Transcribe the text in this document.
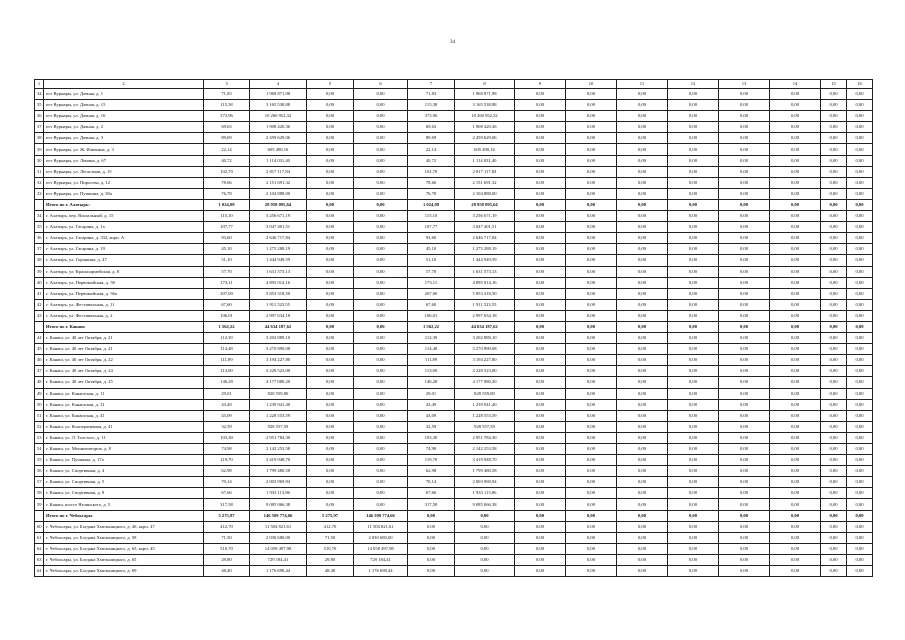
34
1	2	3	4	5	6	7	8	9	10	11	12	13	14	15	16
34	пгт Вурнары, ул. Дачная, д. 1	71,83	1 968 871,98	0,00	0,00	71,83	1 968 871,98	0,00	0,00	0,00	0,00	0,00	0,00	0,00	0,00
35	пгт Вурнары, ул. Дачная, д. 15	115,38	3 165 538,88	0,00	0,00	115,38	3 165 538,88	0,00	0,00	0,00	0,00	0,00	0,00	0,00	0,00
36	пгт Вурнары, ул. Дачная, д. 16	373,96	10 260 952,32	0,00	0,00	373,96	10 260 952,32	0,00	0,00	0,00	0,00	0,00	0,00	0,00	0,00
37	пгт Вурнары, ул. Дачная, д. 2	69,63	1 908 420,36	0,00	0,00	69,63	1 908 420,36	0,00	0,00	0,00	0,00	0,00	0,00	0,00	0,00
38	пгт Вурнары, ул. Дачная, д. 3	89,69	2 459 629,06	0,00	0,00	89,69	2 459 629,06	0,00	0,00	0,00	0,00	0,00	0,00	0,00	0,00
39	пгт Вурнары, ул. Ж. Илюкина, д. 3	22,14	605 490,16	0,00	0,00	22,14	605 490,16	0,00	0,00	0,00	0,00	0,00	0,00	0,00	0,00
30	пгт Вурнары, ул. Ленина, д. 67	40,72	1 114 031,40	0,00	0,00	40,72	1 114 031,40	0,00	0,00	0,00	0,00	0,00	0,00	0,00	0,00
31	пгт Вурнары, ул. Лесхозная, д. 15	102,70	2 817 117,84	0,00	0,00	102,70	2 817 117,84	0,00	0,00	0,00	0,00	0,00	0,00	0,00	0,00
32	пгт Вурнары, ул. Пирогова, д. 12	78,66	2 151 691,32	0,00	0,00	78,66	2 151 691,32	0,00	0,00	0,00	0,00	0,00	0,00	0,00	0,00
33	пгт Вурнары, ул. Пушкина, д. 30а	76,78	2 104 888,00	0,00	0,00	76,78	2 104 888,00	0,00	0,00	0,00	0,00	0,00	0,00	0,00	0,00
	Итого по г. Алатырь:	1 024,09	28 958 095,64	0,00	0,00	1 024,09	28 958 095,64	0,00	0,00	0,00	0,00	0,00	0,00	0,00	0,00
34	г. Алатырь, пер. Вокзальный, д. 15	115,10	3 256 671,19	0,00	0,00	115,10	3 256 671,19	0,00	0,00	0,00	0,00	0,00	0,00	0,00	0,00
35	г. Алатырь, ул. Гагарина, д. 1а	107,77	3 047 401,51	0,00	0,00	107,77	3 047 401,51	0,00	0,00	0,00	0,00	0,00	0,00	0,00	0,00
36	г. Алатырь, ул. Гагарина, д. 332, корп. А	93,60	2 646 717,84	0,00	0,00	93,60	2 646 717,84	0,00	0,00	0,00	0,00	0,00	0,00	0,00	0,00
37	г. Алатырь, ул. Гагарина, д. 19	45,10	1 275 288,19	0,00	0,00	45,10	1 275 288,19	0,00	0,00	0,00	0,00	0,00	0,00	0,00	0,00
38	г. Алатырь, ул. Горшкина, д. 47	51,10	1 444 949,59	0,00	0,00	51,10	1 444 949,59	0,00	0,00	0,00	0,00	0,00	0,00	0,00	0,00
39	г. Алатырь, ул. Красноармейская, д. 8	57,70	1 631 573,13	0,00	0,00	57,70	1 631 573,13	0,00	0,00	0,00	0,00	0,00	0,00	0,00	0,00
40	г. Алатырь, ул. Первомайская, д. 50	173,11	4 895 014,16	0,00	0,00	173,11	4 895 014,16	0,00	0,00	0,00	0,00	0,00	0,00	0,00	0,00
41	г. Алатырь, ул. Первомайская, д. 56а	207,00	5 853 318,50	0,00	0,00	207,00	5 853 318,50	0,00	0,00	0,00	0,00	0,00	0,00	0,00	0,00
42	г. Алатырь, ул. Фестивальная, д. 11	67,60	1 911 523,55	0,00	0,00	67,60	1 911 523,55	0,00	0,00	0,00	0,00	0,00	0,00	0,00	0,00
43	г. Алатырь, ул. Фестивальная, д. 2	106,01	2 997 634,18	0,00	0,00	106,01	2 997 634,18	0,00	0,00	0,00	0,00	0,00	0,00	0,00	0,00
	Итого по г. Канаш:	1 562,22	44 634 187,62	0,00	0,00	1 562,22	44 634 187,62	0,00	0,00	0,00	0,00	0,00	0,00	0,00	0,00
44	г. Канаш, ул. 40 лет Октября, д. 21	112,39	3 202 889,10	0,00	0,00	112,39	3 202 889,10	0,00	0,00	0,00	0,00	0,00	0,00	0,00	0,00
45	г. Канаш, ул. 40 лет Октября, д. 21	114,48	3 270 890,08	0,00	0,00	114,48	3 270 890,08	0,00	0,00	0,00	0,00	0,00	0,00	0,00	0,00
46	г. Канаш, ул. 40 лет Октября, д. 22	111,89	3 194 227,80	0,00	0,00	111,89	3 194 227,80	0,00	0,00	0,00	0,00	0,00	0,00	0,00	0,00
47	г. Канаш, ул. 40 лет Октября, д. 24	113,00	3 228 523,00	0,00	0,00	113,00	3 228 523,00	0,00	0,00	0,00	0,00	0,00	0,00	0,00	0,00
48	г. Канаш, ул. 40 лет Октября, д. 25	146,28	4 177 080,20	0,00	0,00	146,28	4 177 080,20	0,00	0,00	0,00	0,00	0,00	0,00	0,00	0,00
49	г. Канаш, ул. Канашская, д. 11	29,01	828 559,80	0,00	0,00	29,01	828 559,80	0,00	0,00	0,00	0,00	0,00	0,00	0,00	0,00
50	г. Канаш, ул. Канашская, д. 31	43,49	1 239 941,40	0,00	0,00	43,49	1 239 941,40	0,00	0,00	0,00	0,00	0,00	0,00	0,00	0,00
51	г. Канаш, ул. Канашская, д. 41	43,09	1 228 553,59	0,00	0,00	43,09	1 228 553,59	0,00	0,00	0,00	0,00	0,00	0,00	0,00	0,00
52	г. Канаш, ул. Кооперативная, д. 41	32,59	928 557,59	0,00	0,00	32,59	928 557,59	0,00	0,00	0,00	0,00	0,00	0,00	0,00	0,00
53	г. Канаш, ул. Л. Толстого, д. 11	103,30	2 951 784,30	0,00	0,00	103,30	2 951 784,30	0,00	0,00	0,00	0,00	0,00	0,00	0,00	0,00
54	г. Канаш, ул. Механизаторов, д. 8	74,98	2 142 253,58	0,00	0,00	74,98	2 142 253,58	0,00	0,00	0,00	0,00	0,00	0,00	0,00	0,00
55	г. Канаш, ул. Пушкина, д. 17а	119,70	3 419 948,70	0,00	0,00	119,70	3 419 948,70	0,00	0,00	0,00	0,00	0,00	0,00	0,00	0,00
56	г. Канаш, ул. Спортивная, д. 4	62,98	1 799 480,58	0,00	0,00	62,98	1 799 480,58	0,00	0,00	0,00	0,00	0,00	0,00	0,00	0,00
57	г. Канаш, ул. Спортивная, д. 5	70,14	2 003 969,94	0,00	0,00	70,14	2 003 969,94	0,00	0,00	0,00	0,00	0,00	0,00	0,00	0,00
58	г. Канаш, ул. Спортивная, д. 8	67,66	1 933 113,86	0,00	0,00	67,66	1 933 113,86	0,00	0,00	0,00	0,00	0,00	0,00	0,00	0,00
59	г. Канаш, шоссе Ятчинского, д. 5	317,58	9 085 066,38	0,00	0,00	317,58	9 085 066,38	0,00	0,00	0,00	0,00	0,00	0,00	0,00	0,00
	Итого по г. Чебоксары	5 275,97	146 509 774,66	5 275,97	146 509 774,66	0,00	0,00	0,00	0,00	0,00	0,00	0,00	0,00	0,00	0,00
60	г. Чебоксары, ул. Богдана Хмельницкого, д. 46, корп. 47	412,70	11 504 821,61	412,70	11 504 821,61	0,00	0,00	0,00	0,00	0,00	0,00	0,00	0,00	0,00	0,00
61	г. Чебоксары, ул. Богдана Хмельницкого, д. 58	71,50	2 030 680,00	71,50	2 030 680,00	0,00	0,00	0,00	0,00	0,00	0,00	0,00	0,00	0,00	0,00
62	г. Чебоксары, ул. Богдана Хмельницкого, д. 63, корп. 45	510,70	14 058 497,98	510,70	14 058 497,98	0,00	0,00	0,00	0,00	0,00	0,00	0,00	0,00	0,00	0,00
63	г. Чебоксары, ул. Богдана Хмельницкого, д. 65	29,80	729 184,41	29,80	729 184,41	0,00	0,00	0,00	0,00	0,00	0,00	0,00	0,00	0,00	0,00
64	г. Чебоксары, ул. Богдана Хмельницкого, д. 69	48,40	1 176 698,44	48,40	1 176 698,44	0,00	0,00	0,00	0,00	0,00	0,00	0,00	0,00	0,00	0,00
